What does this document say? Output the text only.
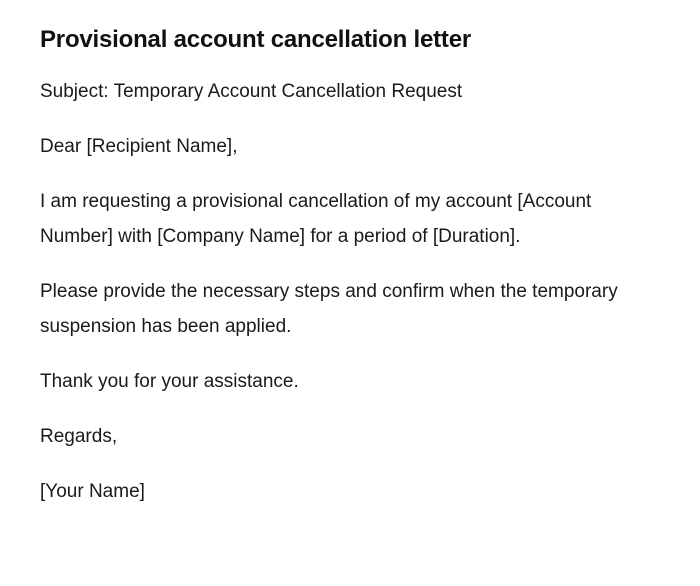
Provisional account cancellation letter

Subject: Temporary Account Cancellation Request

Dear [Recipient Name],

I am requesting a provisional cancellation of my account [Account Number] with [Company Name] for a period of [Duration].

Please provide the necessary steps and confirm when the temporary suspension has been applied.

Thank you for your assistance.

Regards,

[Your Name]
